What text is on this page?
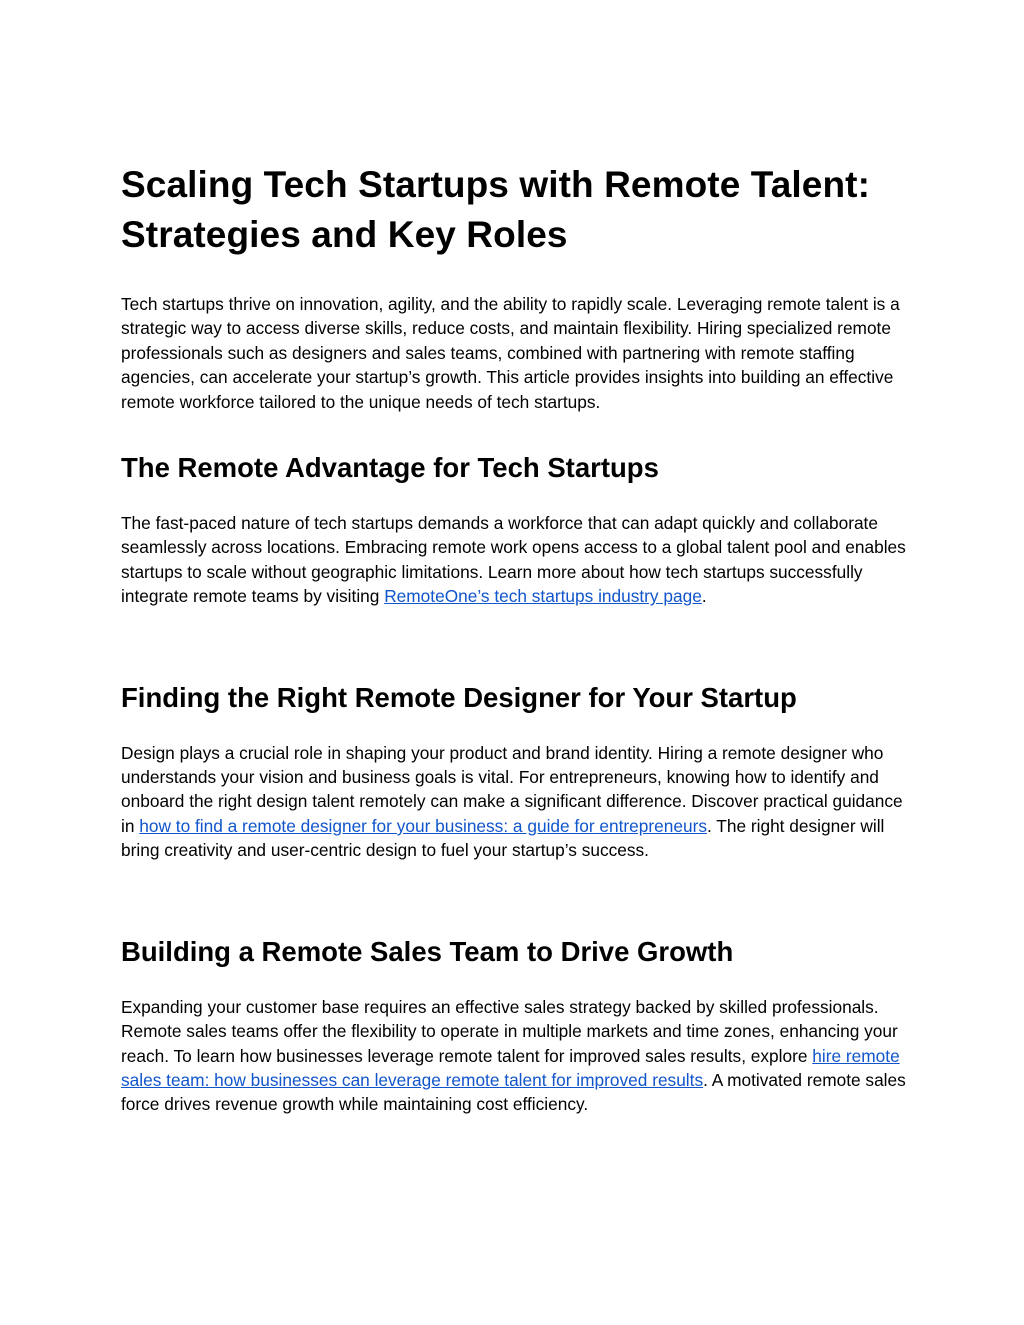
Scaling Tech Startups with Remote Talent: Strategies and Key Roles

Tech startups thrive on innovation, agility, and the ability to rapidly scale. Leveraging remote talent is a strategic way to access diverse skills, reduce costs, and maintain flexibility. Hiring specialized remote professionals such as designers and sales teams, combined with partnering with remote staffing agencies, can accelerate your startup’s growth. This article provides insights into building an effective remote workforce tailored to the unique needs of tech startups.

The Remote Advantage for Tech Startups

The fast-paced nature of tech startups demands a workforce that can adapt quickly and collaborate seamlessly across locations. Embracing remote work opens access to a global talent pool and enables startups to scale without geographic limitations. Learn more about how tech startups successfully integrate remote teams by visiting RemoteOne’s tech startups industry page.

Finding the Right Remote Designer for Your Startup

Design plays a crucial role in shaping your product and brand identity. Hiring a remote designer who understands your vision and business goals is vital. For entrepreneurs, knowing how to identify and onboard the right design talent remotely can make a significant difference. Discover practical guidance in how to find a remote designer for your business: a guide for entrepreneurs. The right designer will bring creativity and user-centric design to fuel your startup’s success.

Building a Remote Sales Team to Drive Growth

Expanding your customer base requires an effective sales strategy backed by skilled professionals. Remote sales teams offer the flexibility to operate in multiple markets and time zones, enhancing your reach. To learn how businesses leverage remote talent for improved sales results, explore hire remote sales team: how businesses can leverage remote talent for improved results. A motivated remote sales force drives revenue growth while maintaining cost efficiency.
